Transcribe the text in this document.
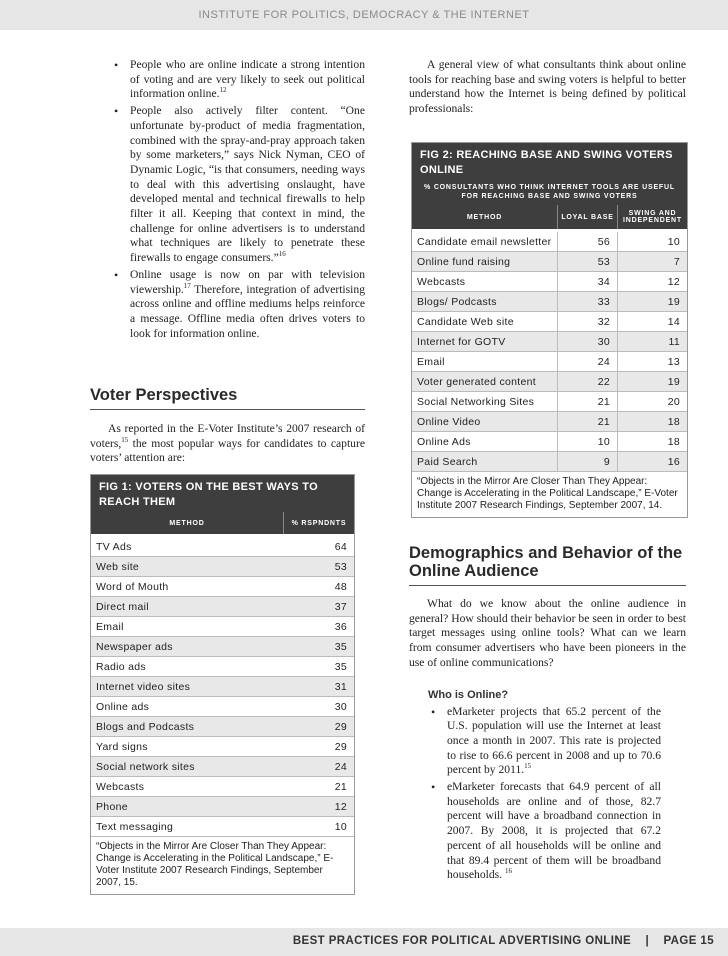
INSTITUTE FOR POLITICS, DEMOCRACY & THE INTERNET
• People who are online indicate a strong intention of voting and are very likely to seek out political information online.$^{12}$
• People also actively filter content. “One unfortunate by-product of media fragmentation, combined with the spray-and-pray approach taken by some marketers,” says Nick Nyman, CEO of Dynamic Logic, “is that consumers, needing ways to deal with this advertising onslaught, have developed mental and technical firewalls to help filter it all. Keeping that context in mind, the challenge for online advertisers is to understand what techniques are likely to penetrate these firewalls to engage consumers.”$^{16}$
• Online usage is now on par with television viewership.$^{17}$ Therefore, integration of advertising across online and offline mediums helps reinforce a message. Offline media often drives voters to look for information online.
Voter Perspectives

As reported in the E-Voter Institute’s 2007 research of voters,$^{15}$ the most popular ways for candidates to capture voters’ attention are:

FIG 1: VOTERS ON THE BEST WAYS TO REACH THEM
METHOD	% RSPNDNTS
TV Ads	64
Web site	53
Word of Mouth	48
Direct mail	37
Email	36
Newspaper ads	35
Radio ads	35
Internet video sites	31
Online ads	30
Blogs and Podcasts	29
Yard signs	29
Social network sites	24
Webcasts	21
Phone	12
Text messaging	10
“Objects in the Mirror Are Closer Than They Appear: Change is Accelerating in the Political Landscape,” E-Voter Institute 2007 Research Findings, September 2007, 15.

A general view of what consultants think about online tools for reaching base and swing voters is helpful to better understand how the Internet is being defined by political professionals:

FIG 2: REACHING BASE AND SWING VOTERS ONLINE
% CONSULTANTS WHO THINK INTERNET TOOLS ARE USEFUL FOR REACHING BASE AND SWING VOTERS
METHOD	LOYAL BASE	SWING AND INDEPENDENT
Candidate email newsletter	56	10
Online fund raising	53	7
Webcasts	34	12
Blogs/ Podcasts	33	19
Candidate Web site	32	14
Internet for GOTV	30	11
Email	24	13
Voter generated content	22	19
Social Networking Sites	21	20
Online Video	21	18
Online Ads	10	18
Paid Search	9	16
“Objects in the Mirror Are Closer Than They Appear: Change is Accelerating in the Political Landscape,” E-Voter Institute 2007 Research Findings, September 2007, 14.
Demographics and Behavior of the Online Audience

What do we know about the online audience in general? How should their behavior be seen in order to best target messages using online tools? What can we learn from consumer advertisers who have been pioneers in the use of online communications?

Who is Online?
• eMarketer projects that 65.2 percent of the U.S. population will use the Internet at least once a month in 2007. This rate is projected to rise to 66.6 percent in 2008 and up to 70.6 percent by 2011.15
• eMarketer forecasts that 64.9 percent of all households are online and of those, 82.7 percent will have a broadband connection in 2007. By 2008, it is projected that 67.2 percent of all households will be online and that 89.4 percent of them will be broadband households. $^{16}$
BEST PRACTICES FOR POLITICAL ADVERTISING ONLINE    |    PAGE 15
